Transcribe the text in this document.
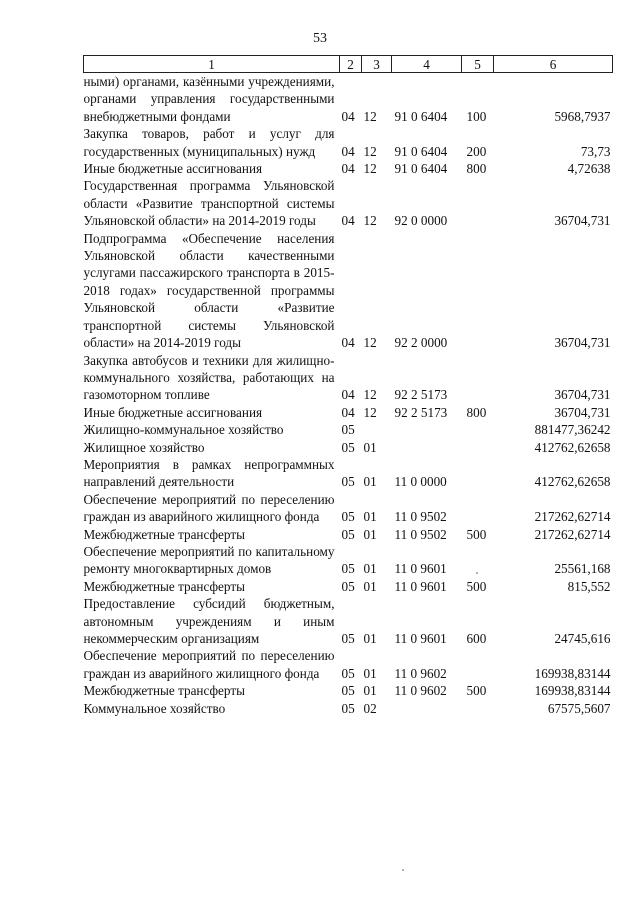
53
1	2	3	4	5	6
ными) органами, казёнными учреждениями, органами управления государственными внебюджетными фондами	04	12	91 0 6404	100	5968,7937
Закупка товаров, работ и услуг для государственных (муниципальных) нужд	04	12	91 0 6404	200	73,73
Иные бюджетные ассигнования	04	12	91 0 6404	800	4,72638
Государственная программа Ульяновской области «Развитие транспортной системы Ульяновской области» на 2014-2019 годы	04	12	92 0 0000		36704,731
Подпрограмма «Обеспечение населения Ульяновской области качественными услугами пассажирского транспорта в 2015-2018 годах» государственной программы Ульяновской области «Развитие транспортной системы Ульяновской области» на 2014-2019 годы	04	12	92 2 0000		36704,731
Закупка автобусов и техники для жилищно-коммунального хозяйства, работающих на газомоторном топливе	04	12	92 2 5173		36704,731
Иные бюджетные ассигнования	04	12	92 2 5173	800	36704,731
Жилищно-коммунальное хозяйство	05				881477,36242
Жилищное хозяйство	05	01			412762,62658
Мероприятия в рамках непрограммных направлений деятельности	05	01	11 0 0000		412762,62658
Обеспечение мероприятий по переселению граждан из аварийного жилищного фонда	05	01	11 0 9502		217262,62714
Межбюджетные трансферты	05	01	11 0 9502	500	217262,62714
Обеспечение мероприятий по капитальному ремонту многоквартирных домов	05	01	11 0 9601		25561,168
Межбюджетные трансферты	05	01	11 0 9601	500	815,552
Предоставление субсидий бюджетным, автономным учреждениям и иным некоммерческим организациям	05	01	11 0 9601	600	24745,616
Обеспечение мероприятий по переселению граждан из аварийного жилищного фонда	05	01	11 0 9602		169938,83144
Межбюджетные трансферты	05	01	11 0 9602	500	169938,83144
Коммунальное хозяйство	05	02			67575,5607
